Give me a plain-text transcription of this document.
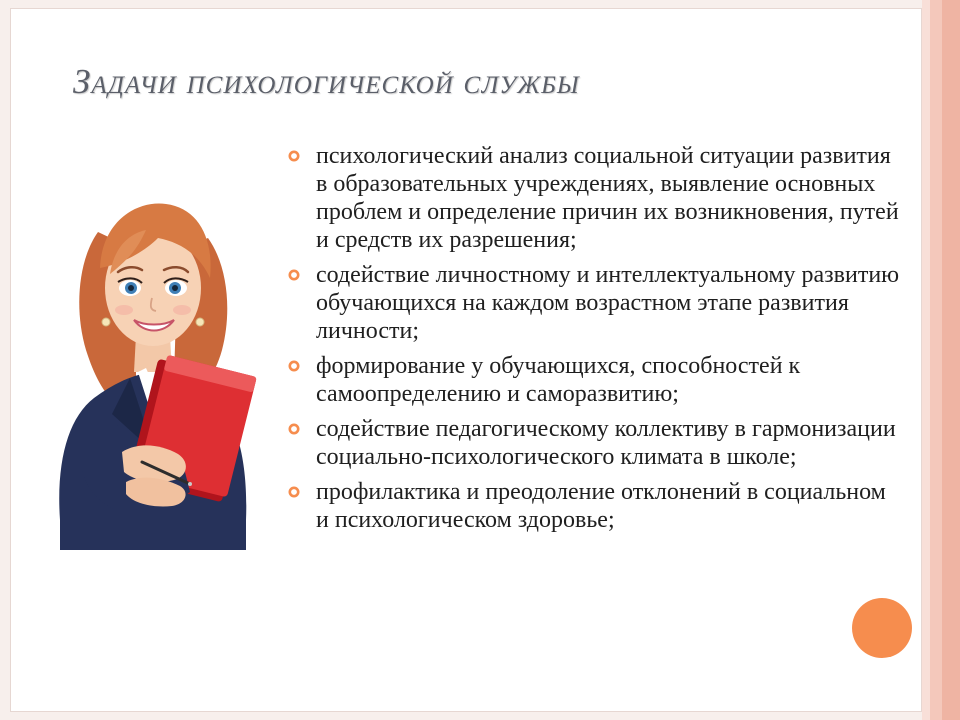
Задачи психологической службы
психологический анализ социальной ситуации развития в образовательных учреждениях, выявление основных проблем и определение причин их возникновения, путей и средств их разрешения;
содействие личностному и интеллектуальному развитию обучающихся на каждом возрастном этапе развития личности;
формирование у обучающихся, способностей к самоопределению и саморазвитию;
содействие педагогическому коллективу в гармонизации социально-психологического климата в школе;
профилактика и преодоление отклонений в социальном и психологическом здоровье;
